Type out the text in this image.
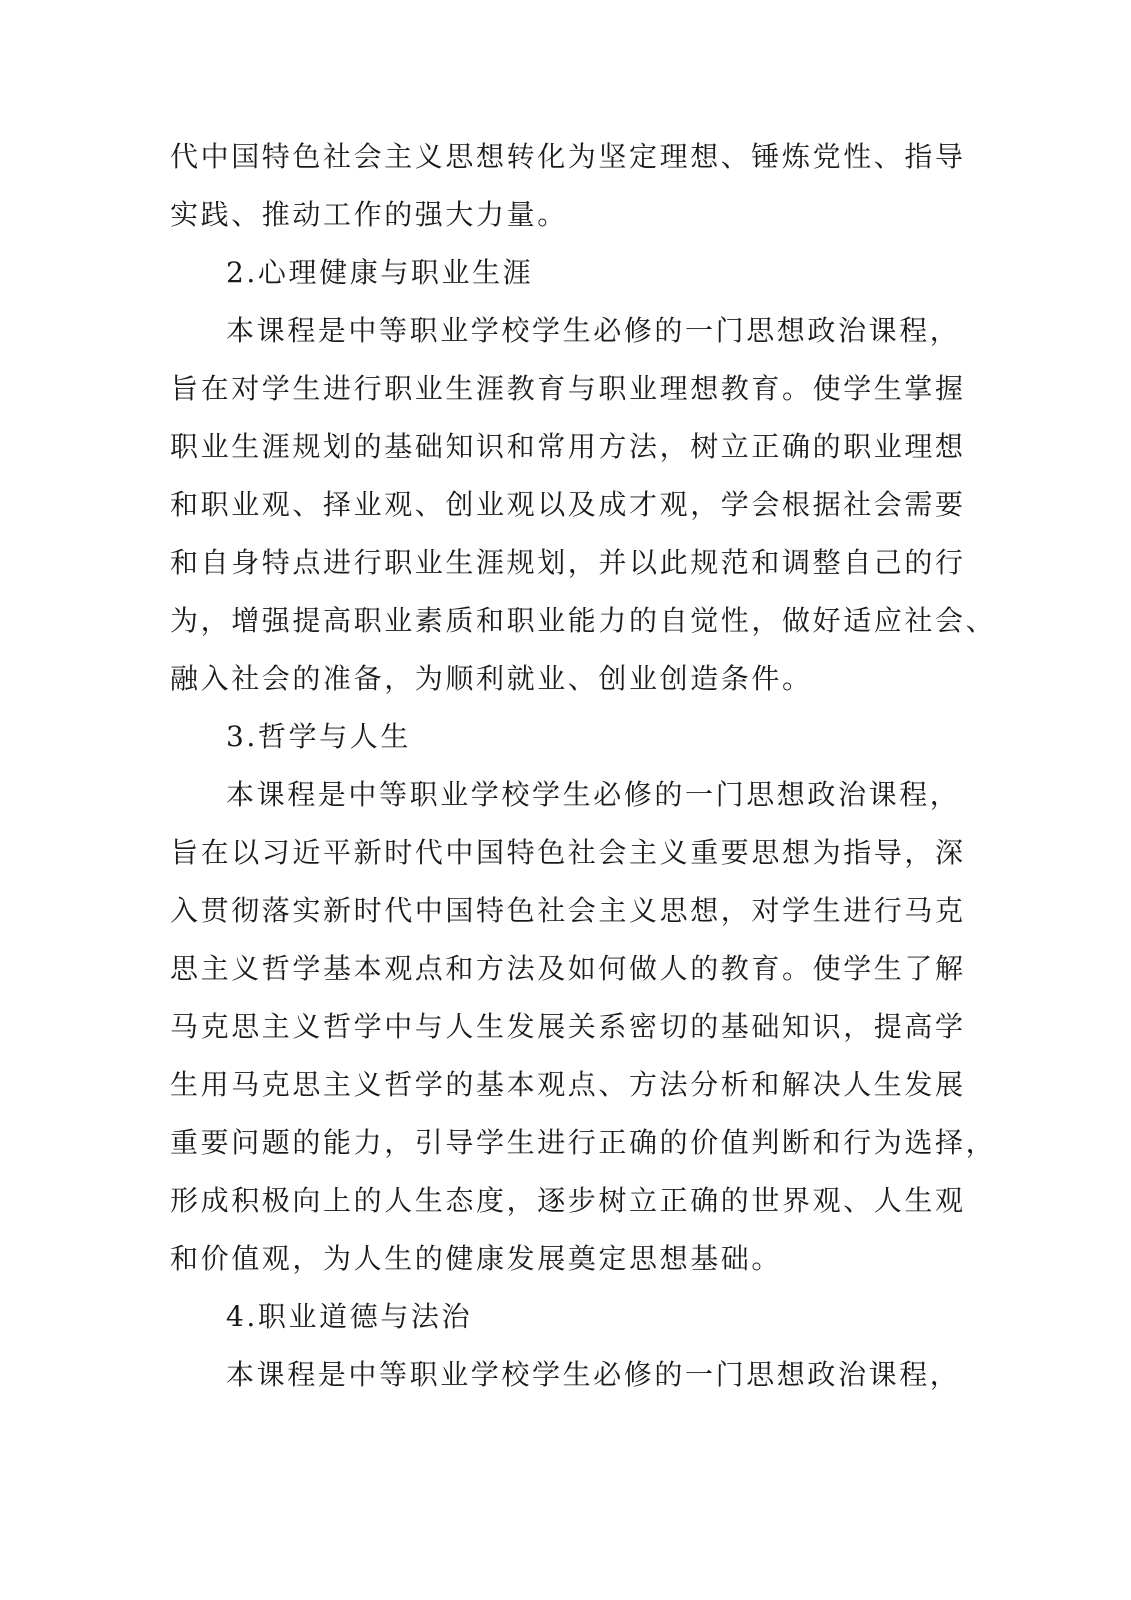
代中国特色社会主义思想转化为坚定理想、锤炼党性、指导
实践、推动工作的强大力量。
2.心理健康与职业生涯
本课程是中等职业学校学生必修的一门思想政治课程，
旨在对学生进行职业生涯教育与职业理想教育。使学生掌握
职业生涯规划的基础知识和常用方法，树立正确的职业理想
和职业观、择业观、创业观以及成才观，学会根据社会需要
和自身特点进行职业生涯规划，并以此规范和调整自己的行
为，增强提高职业素质和职业能力的自觉性，做好适应社会、
融入社会的准备，为顺利就业、创业创造条件。
3.哲学与人生
本课程是中等职业学校学生必修的一门思想政治课程，
旨在以习近平新时代中国特色社会主义重要思想为指导，深
入贯彻落实新时代中国特色社会主义思想，对学生进行马克
思主义哲学基本观点和方法及如何做人的教育。使学生了解
马克思主义哲学中与人生发展关系密切的基础知识，提高学
生用马克思主义哲学的基本观点、方法分析和解决人生发展
重要问题的能力，引导学生进行正确的价值判断和行为选择，
形成积极向上的人生态度，逐步树立正确的世界观、人生观
和价值观，为人生的健康发展奠定思想基础。
4.职业道德与法治
本课程是中等职业学校学生必修的一门思想政治课程，
